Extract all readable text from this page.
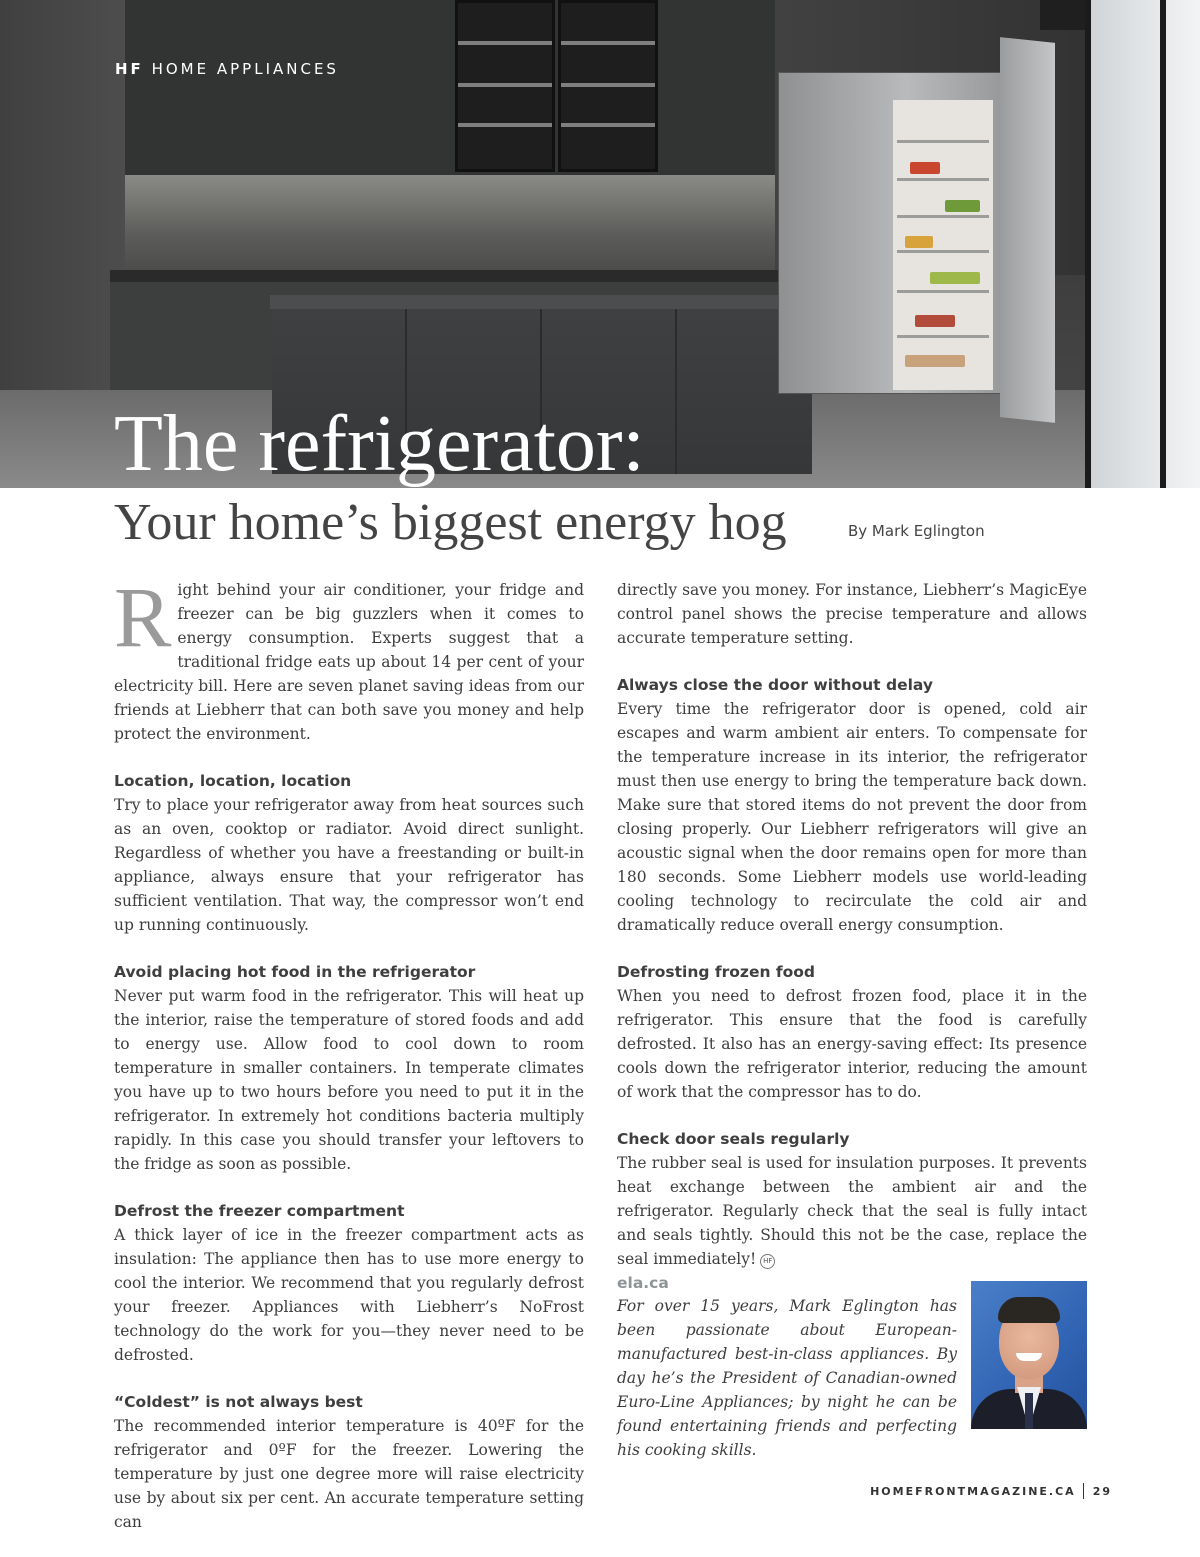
HF HOME APPLIANCES
The refrigerator:
Your home’s biggest energy hog	By Mark Eglington

Right behind your air conditioner, your fridge and freezer can be big guzzlers when it comes to energy consumption. Experts suggest that a traditional fridge eats up about 14 per cent of your electricity bill. Here are seven planet saving ideas from our friends at Liebherr that can both save you money and help protect the environment.

Location, location, location

Try to place your refrigerator away from heat sources such as an oven, cooktop or radiator. Avoid direct sunlight. Regardless of whether you have a freestanding or built-in appliance, always ensure that your refrigerator has sufficient ventilation. That way, the compressor won’t end up running continuously.

Avoid placing hot food in the refrigerator

Never put warm food in the refrigerator. This will heat up the interior, raise the temperature of stored foods and add to energy use. Allow food to cool down to room temperature in smaller containers. In temperate climates you have up to two hours before you need to put it in the refrigerator. In extremely hot conditions bacteria multiply rapidly. In this case you should transfer your leftovers to the fridge as soon as possible.

Defrost the freezer compartment

A thick layer of ice in the freezer compartment acts as insulation: The appliance then has to use more energy to cool the interior. We recommend that you regularly defrost your freezer. Appliances with Liebherr’s NoFrost technology do the work for you—they never need to be defrosted.

“Coldest” is not always best

The recommended interior temperature is 40ºF for the refrigerator and 0ºF for the freezer. Lowering the temperature by just one degree more will raise electricity use by about six per cent. An accurate temperature setting can

directly save you money. For instance, Liebherr’s MagicEye control panel shows the precise temperature and allows accurate temperature setting.

Always close the door without delay

Every time the refrigerator door is opened, cold air escapes and warm ambient air enters. To compensate for the temperature increase in its interior, the refrigerator must then use energy to bring the temperature back down. Make sure that stored items do not prevent the door from closing properly. Our Liebherr refrigerators will give an acoustic signal when the door remains open for more than 180 seconds. Some Liebherr models use world-leading cooling technology to recirculate the cold air and dramatically reduce overall energy consumption.

Defrosting frozen food

When you need to defrost frozen food, place it in the refrigerator. This ensure that the food is carefully defrosted. It also has an energy-saving effect: Its presence cools down the refrigerator interior, reducing the amount of work that the compressor has to do.

Check door seals regularly

The rubber seal is used for insulation purposes. It prevents heat exchange between the ambient air and the refrigerator. Regularly check that the seal is fully intact and seals tightly. Should this not be the case, replace the seal immediately! HF

ela.ca

For over 15 years, Mark Eglington has been passionate about European-manufactured best-in-class appliances. By day he’s the President of Canadian-owned Euro-Line Appliances; by night he can be found entertaining friends and perfecting his cooking skills.

HOMEFRONTMAGAZINE.CA 29
